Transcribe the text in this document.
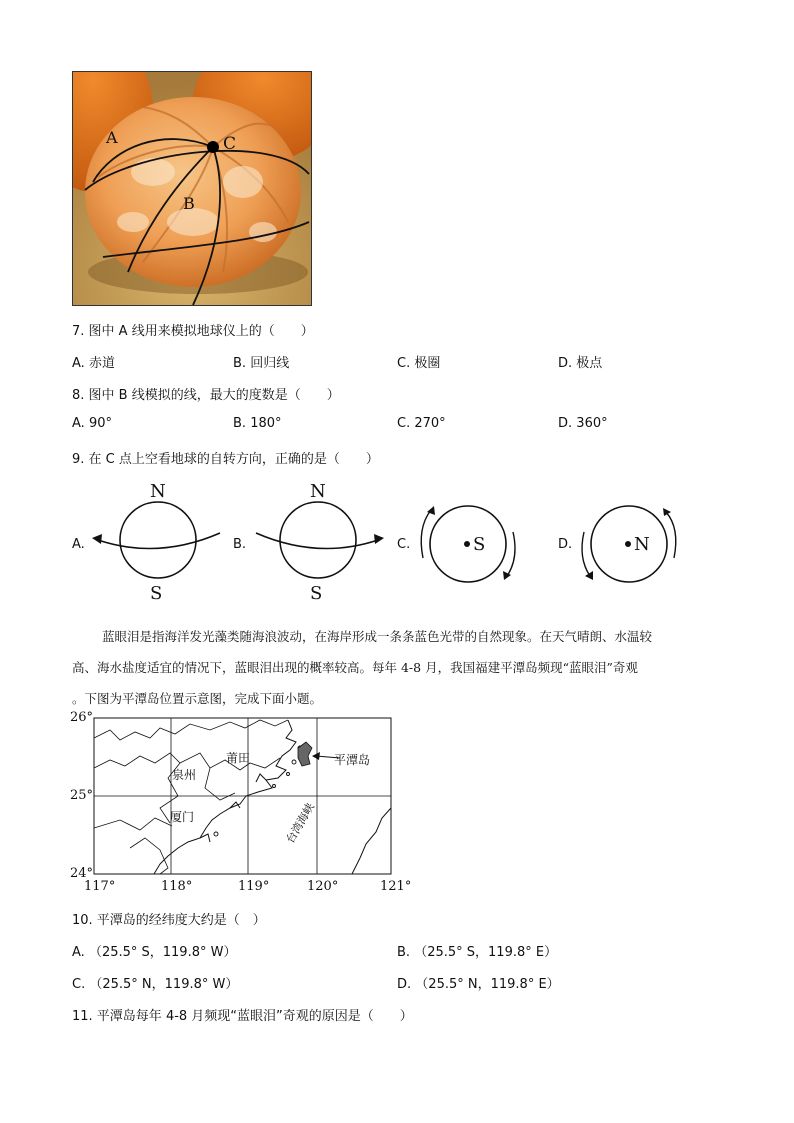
A	C
B
7. 图中 A 线用来模拟地球仪上的（　　）
A. 赤道	B. 回归线	C. 极圈	D. 极点
8. 图中 B 线模拟的线，最大的度数是（　　）
A. 90°	B. 180°	C. 270°	D. 360°
9. 在 C 点上空看地球的自转方向，正确的是（　　）
A.
N
S
B.
N
S
C.	S	D.	N
蓝眼泪是指海洋发光藻类随海浪波动，在海岸形成一条条蓝色光带的自然现象。在天气晴朗、水温较
高、海水盐度适宜的情况下，蓝眼泪出现的概率较高。每年 4-8 月，我国福建平潭岛频现“蓝眼泪”奇观
。下图为平潭岛位置示意图，完成下面小题。
26°
25°
24°
117°	118°	119°	120°	121°
莆田
泉州
厦门
平潭岛
台湾海峡
10. 平潭岛的经纬度大约是（　）
A. （25.5° S，119.8° W）	B. （25.5° S，119.8° E）
C. （25.5° N，119.8° W）	D. （25.5° N，119.8° E）
11. 平潭岛每年 4-8 月频现“蓝眼泪”奇观的原因是（　　）
